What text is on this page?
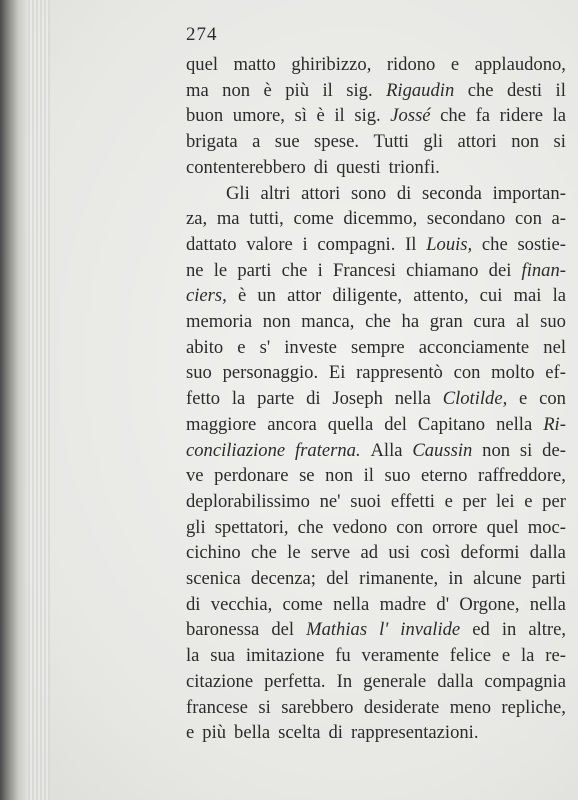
274
quel matto ghiribizzo, ridono e applaudono,
ma non è più il sig. Rigaudin che desti il
buon umore, sì è il sig. Jossé che fa ridere la
brigata a sue spese. Tutti gli attori non si
contenterebbero di questi trionfi.
Gli altri attori sono di seconda importan-
za, ma tutti, come dicemmo, secondano con a-
dattato valore i compagni. Il Louis, che sostie-
ne le parti che i Francesi chiamano dei finan-
ciers, è un attor diligente, attento, cui mai la
memoria non manca, che ha gran cura al suo
abito e s' investe sempre acconciamente nel
suo personaggio. Ei rappresentò con molto ef-
fetto la parte di Joseph nella Clotilde, e con
maggiore ancora quella del Capitano nella Ri-
conciliazione fraterna. Alla Caussin non si de-
ve perdonare se non il suo eterno raffreddore,
deplorabilissimo ne' suoi effetti e per lei e per
gli spettatori, che vedono con orrore quel moc-
cichino che le serve ad usi così deformi dalla
scenica decenza; del rimanente, in alcune parti
di vecchia, come nella madre d' Orgone, nella
baronessa del Mathias l' invalide ed in altre,
la sua imitazione fu veramente felice e la re-
citazione perfetta. In generale dalla compagnia
francese si sarebbero desiderate meno repliche,
e più bella scelta di rappresentazioni.
